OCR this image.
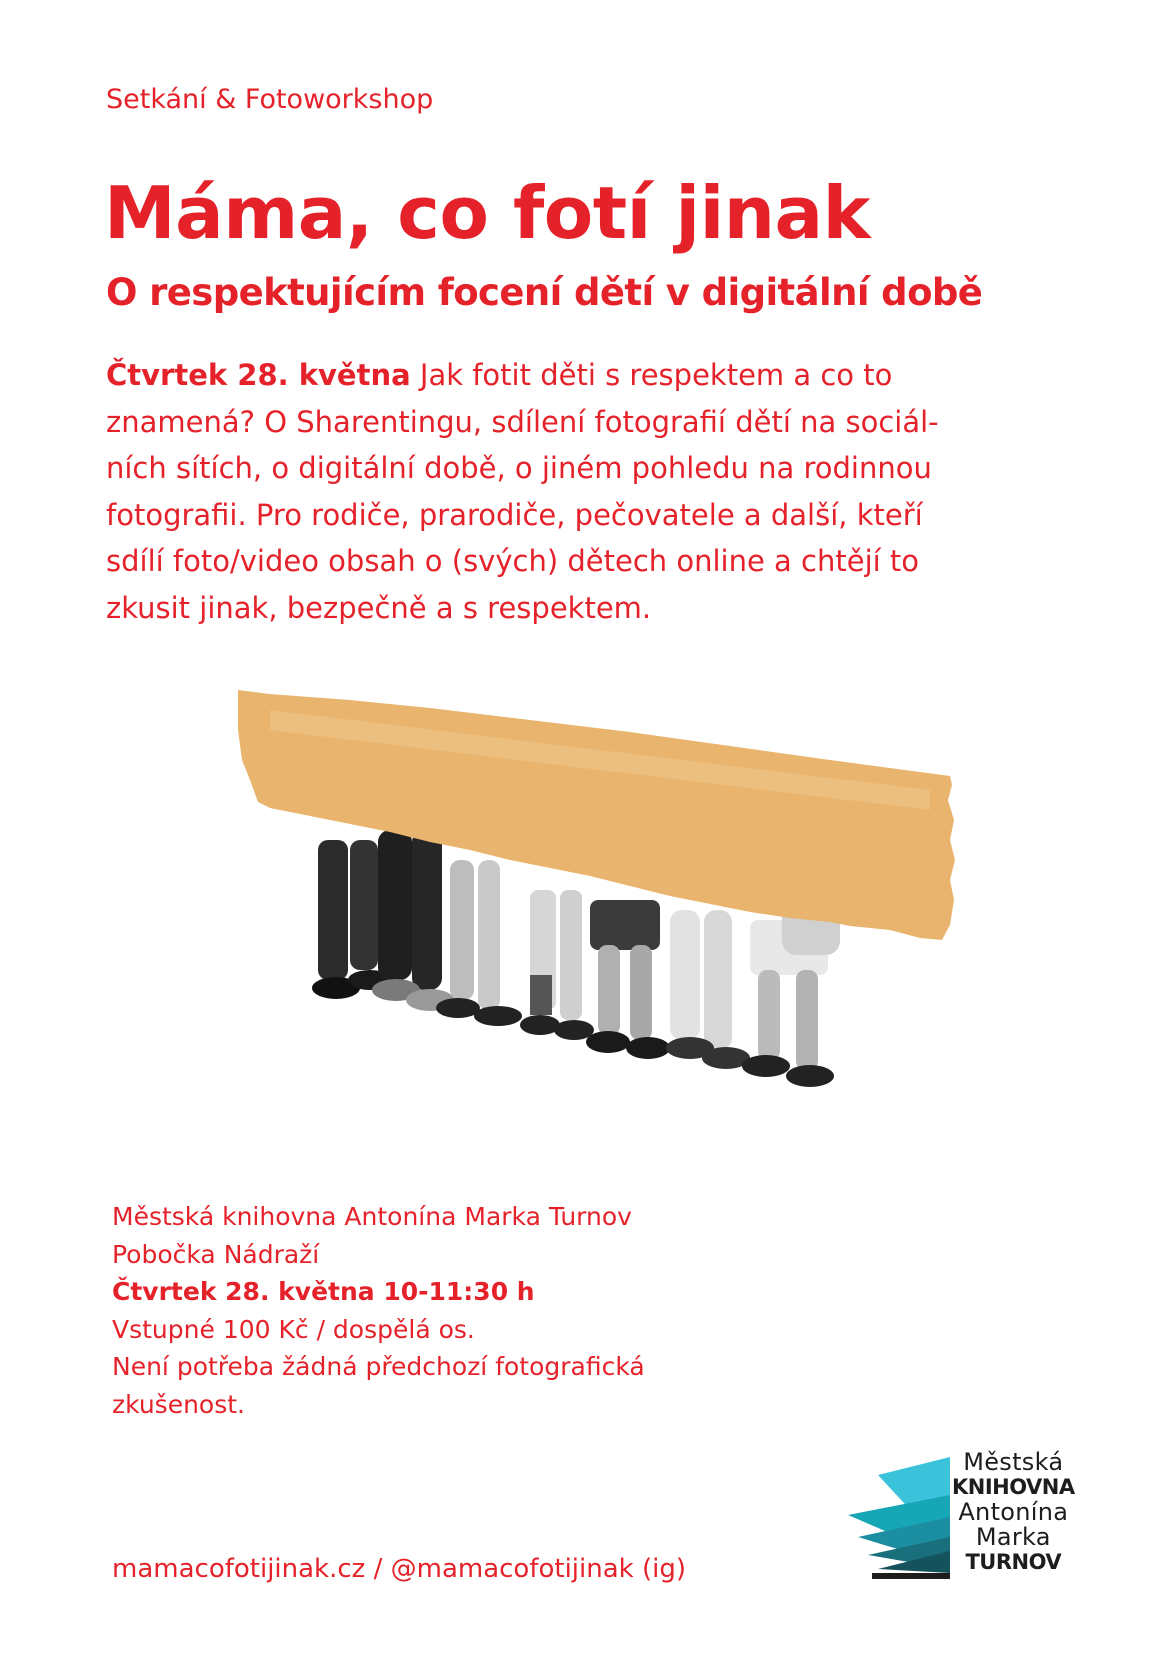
Setkání & Fotoworkshop
Máma, co fotí jinak
O respektujícím focení dětí v digitální době
Čtvrtek 28. května Jak fotit děti s respektem a co to
znamená? O Sharentingu, sdílení fotografií dětí na sociál-
ních sítích, o digitální době, o jiném pohledu na rodinnou
fotografii. Pro rodiče, prarodiče, pečovatele a další, kteří
sdílí foto/video obsah o (svých) dětech online a chtějí to
zkusit jinak, bezpečně a s respektem.
Městská knihovna Antonína Marka Turnov
Pobočka Nádraží
Čtvrtek 28. května 10-11:30 h
Vstupné 100 Kč / dospělá os.
Není potřeba žádná předchozí fotografická
zkušenost.
mamacofotijinak.cz / @mamacofotijinak (ig)
Městská
KNIHOVNA
Antonína
Marka
TURNOV
